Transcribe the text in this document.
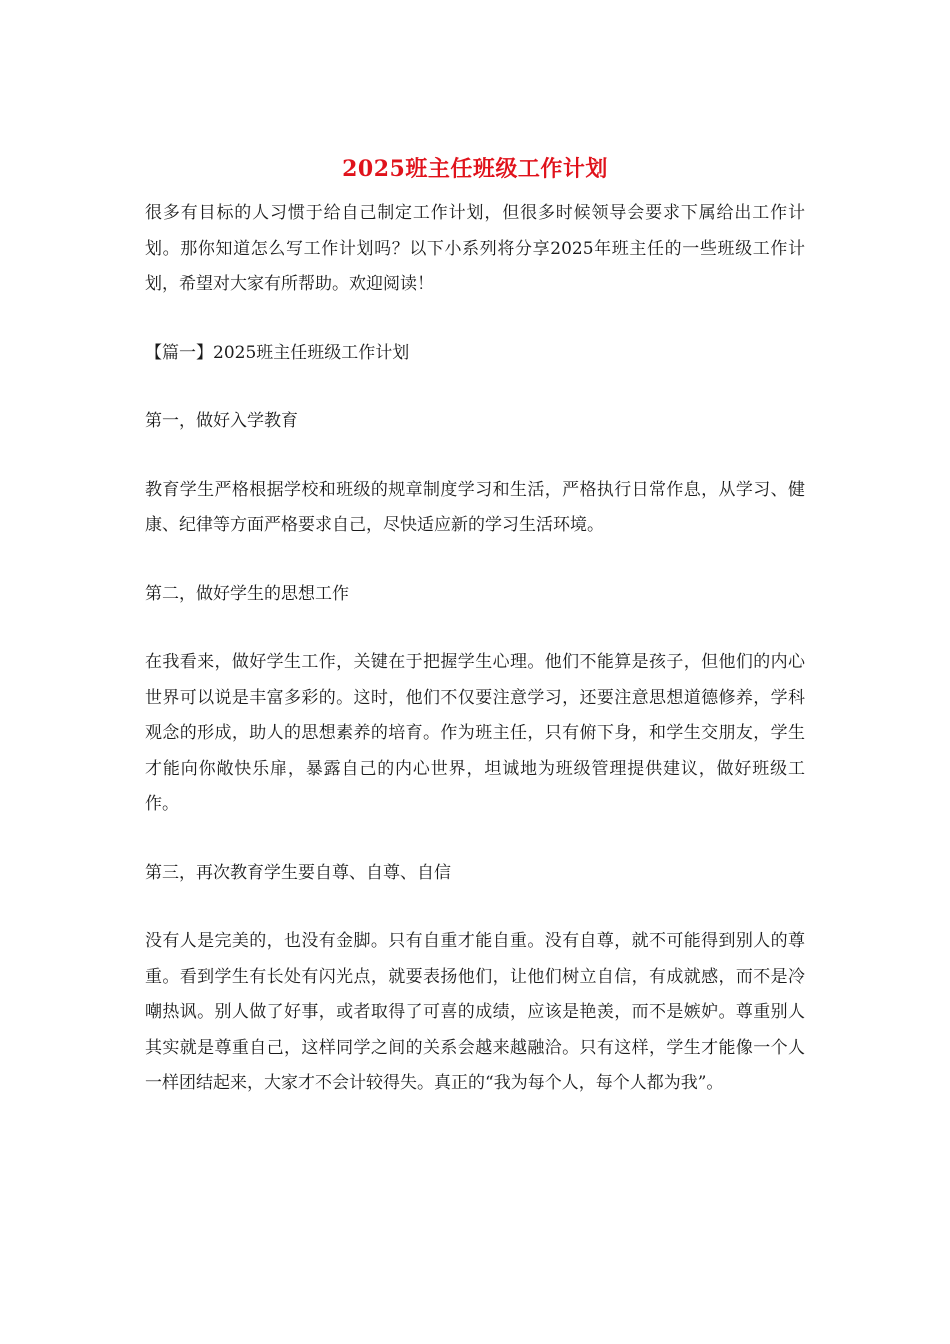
2025班主任班级工作计划

很多有目标的人习惯于给自己制定工作计划，但很多时候领导会要求下属给出工作计划。那你知道怎么写工作计划吗？以下小系列将分享2025年班主任的一些班级工作计划，希望对大家有所帮助。欢迎阅读！

【篇一】2025班主任班级工作计划

第一，做好入学教育

教育学生严格根据学校和班级的规章制度学习和生活，严格执行日常作息，从学习、健康、纪律等方面严格要求自己，尽快适应新的学习生活环境。

第二，做好学生的思想工作

在我看来，做好学生工作，关键在于把握学生心理。他们不能算是孩子，但他们的内心世界可以说是丰富多彩的。这时，他们不仅要注意学习，还要注意思想道德修养，学科观念的形成，助人的思想素养的培育。作为班主任，只有俯下身，和学生交朋友，学生才能向你敞快乐扉，暴露自己的内心世界，坦诚地为班级管理提供建议，做好班级工作。

第三，再次教育学生要自尊、自尊、自信

没有人是完美的，也没有金脚。只有自重才能自重。没有自尊，就不可能得到别人的尊重。看到学生有长处有闪光点，就要表扬他们，让他们树立自信，有成就感，而不是冷嘲热讽。别人做了好事，或者取得了可喜的成绩，应该是艳羡，而不是嫉妒。尊重别人其实就是尊重自己，这样同学之间的关系会越来越融洽。只有这样，学生才能像一个人一样团结起来，大家才不会计较得失。真正的“我为每个人，每个人都为我”。
